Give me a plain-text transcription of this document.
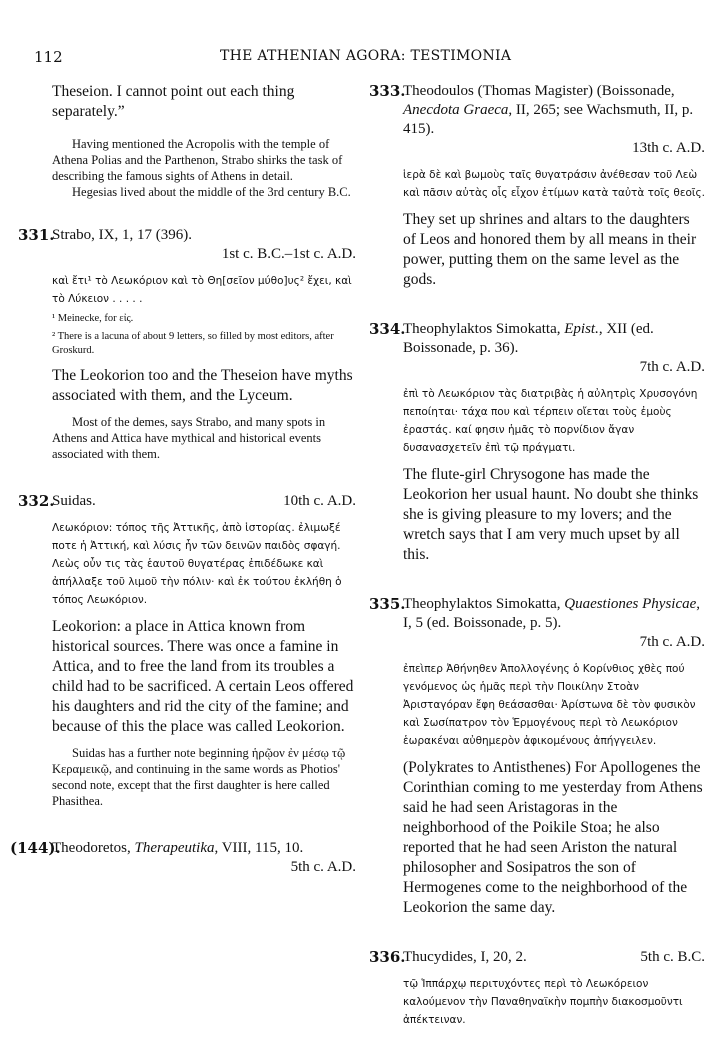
112	THE ATHENIAN AGORA: TESTIMONIA
Theseion. I cannot point out each thing separately.”
Having mentioned the Acropolis with the temple of Athena Polias and the Parthenon, Strabo shirks the task of describing the famous sights of Athens in detail.
Hegesias lived about the middle of the 3rd century B.C.
331.
Strabo, IX, 1, 17 (396).
1st c. B.C.–1st c. A.D.
καὶ ἔτι¹ τὸ Λεωκόριον καὶ τὸ Θη[σεῖον μύθο]υς² ἔχει, καὶ τὸ Λύκειον . . . . .
¹ Meinecke, for εἰς.
² There is a lacuna of about 9 letters, so filled by most editors, after Groskurd.
The Leokorion too and the Theseion have myths associated with them, and the Lyceum.
Most of the demes, says Strabo, and many spots in Athens and Attica have mythical and historical events associated with them.
332.
Suidas.	10th c. A.D.
Λεωκόριον: τόπος τῆς Ἀττικῆς, ἀπὸ ἱστορίας. ἐλιμωξέ ποτε ἡ Ἀττική, καὶ λύσις ἦν τῶν δεινῶν παιδὸς σφαγή. Λεὼς οὖν τις τὰς ἑαυτοῦ θυγατέρας ἐπιδέδωκε καὶ ἀπήλλαξε τοῦ λιμοῦ τὴν πόλιν· καὶ ἐκ τούτου ἐκλήθη ὁ τόπος Λεωκόριον.
Leokorion: a place in Attica known from historical sources. There was once a famine in Attica, and to free the land from its troubles a child had to be sacrificed. A certain Leos offered his daughters and rid the city of the famine; and because of this the place was called Leokorion.
Suidas has a further note beginning ἡρῷον ἐν μέσῳ τῷ Κεραμεικῷ, and continuing in the same words as Photios' second note, except that the first daughter is here called Phasithea.
(144).
Theodoretos, Therapeutika, VIII, 115, 10.
5th c. A.D.
333.
Theodoulos (Thomas Magister) (Boissonade, Anecdota Graeca, II, 265; see Wachsmuth, II, p. 415).
13th c. A.D.
ἱερὰ δὲ καὶ βωμοὺς ταῖς θυγατράσιν ἀνέθεσαν τοῦ Λεὼ καὶ πᾶσιν αὐτὰς οἷς εἶχον ἐτίμων κατὰ ταὐτὰ τοῖς θεοῖς.
They set up shrines and altars to the daughters of Leos and honored them by all means in their power, putting them on the same level as the gods.
334.
Theophylaktos Simokatta, Epist., XII (ed. Boissonade, p. 36).
7th c. A.D.
ἐπὶ τὸ Λεωκόριον τὰς διατριβὰς ἡ αὐλητρὶς Χρυσογόνη πεποίηται· τάχα που καὶ τέρπειν οἴεται τοὺς ἐμοὺς ἐραστάς. καί φησιν ἡμᾶς τὸ πορνίδιον ἄγαν δυσανασχετεῖν ἐπὶ τῷ πράγματι.
The flute-girl Chrysogone has made the Leokorion her usual haunt. No doubt she thinks she is giving pleasure to my lovers; and the wretch says that I am very much upset by all this.
335.
Theophylaktos Simokatta, Quaestiones Physicae, I, 5 (ed. Boissonade, p. 5).
7th c. A.D.
ἐπεὶπερ Ἀθήνηθεν Ἀπολλογένης ὁ Κορίνθιος χθὲς πού γενόμενος ὡς ἡμᾶς περὶ τὴν Ποικίλην Στοὰν Ἀρισταγόραν ἔφη θεάσασθαι· Ἀρίστωνα δὲ τὸν φυσικὸν καὶ Σωσίπατρον τὸν Ἑρμογένους περὶ τὸ Λεωκόριον ἑωρακέναι αὐθημερὸν ἀφικομένους ἀπήγγειλεν.
(Polykrates to Antisthenes) For Apollogenes the Corinthian coming to me yesterday from Athens said he had seen Aristagoras in the neighborhood of the Poikile Stoa; he also reported that he had seen Ariston the natural philosopher and Sosipatros the son of Hermogenes come to the neighborhood of the Leokorion the same day.
336.
Thucydides, I, 20, 2.	5th c. B.C.
τῷ Ἱππάρχῳ περιτυχόντες περὶ τὸ Λεωκόρειον καλούμενον τὴν Παναθηναϊκὴν πομπὴν διακοσμοῦντι ἀπέκτειναν.
